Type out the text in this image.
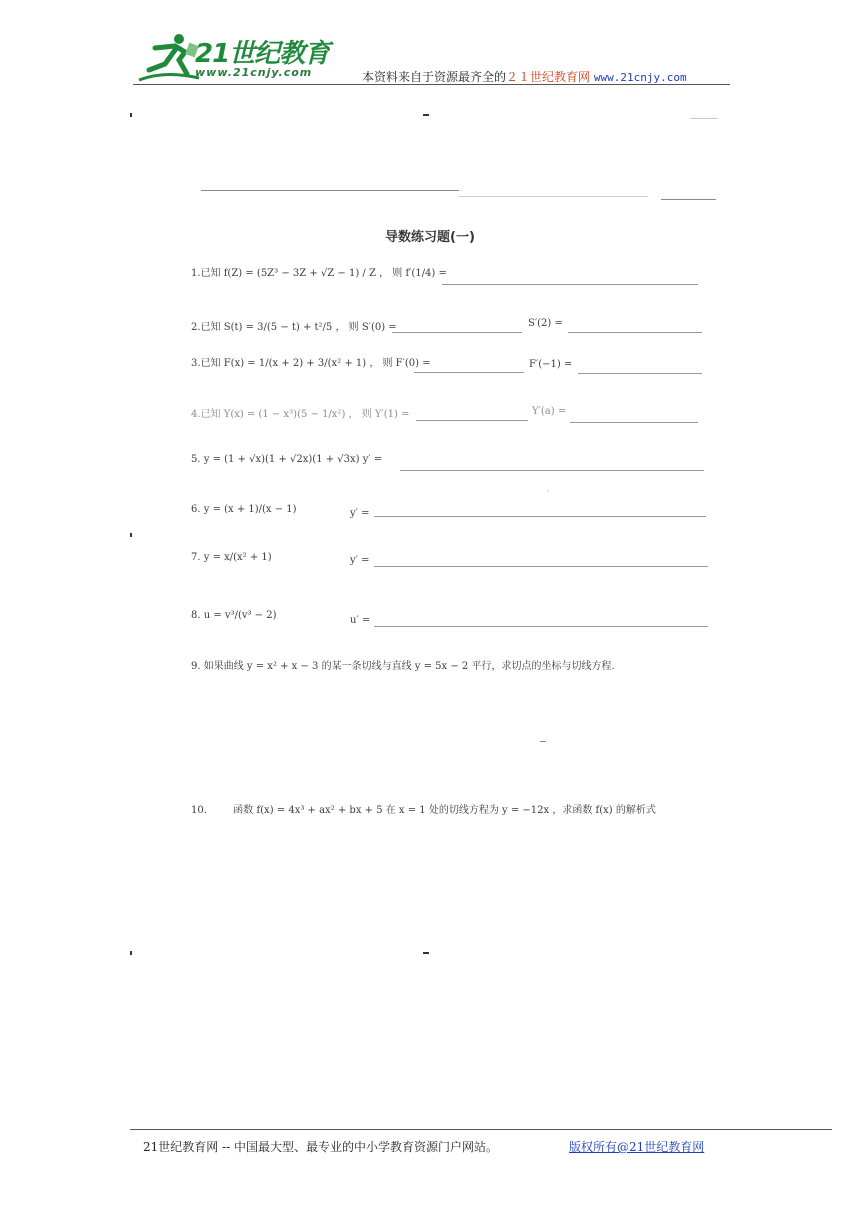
21世纪教育
www.21cnjy.com	本资料来自于资源最齐全的２１世纪教育网 www.21cnjy.com
导数练习题(一)
1.已知 f(Z) = (5Z³ − 3Z + √Z − 1) / Z ， 则 f′(1/4) =
2.已知 S(t) = 3/(5 − t) + t²/5 ， 则 S′(0) =	S′(2) =
3.已知 F(x) = 1/(x + 2) + 3/(x² + 1) ， 则 F′(0) =	F′(−1) =
4.已知 Y(x) = (1 − x³)(5 − 1/x²) ， 则 Y′(1) =	Y′(a) =
5. y = (1 + √x)(1 + √2x)(1 + √3x) y′ =
6. y = (x + 1)/(x − 1)	y′ =
7. y = x/(x² + 1)	y′ =
8. u = v³/(v³ − 2)	u′ =
9. 如果曲线 y = x² + x − 3 的某一条切线与直线 y = 5x − 2 平行，求切点的坐标与切线方程.
10.	函数 f(x) = 4x³ + ax² + bx + 5 在 x = 1 处的切线方程为 y = −12x ，求函数 f(x) 的解析式
21世纪教育网 -- 中国最大型、最专业的中小学教育资源门户网站。	版权所有@21世纪教育网
